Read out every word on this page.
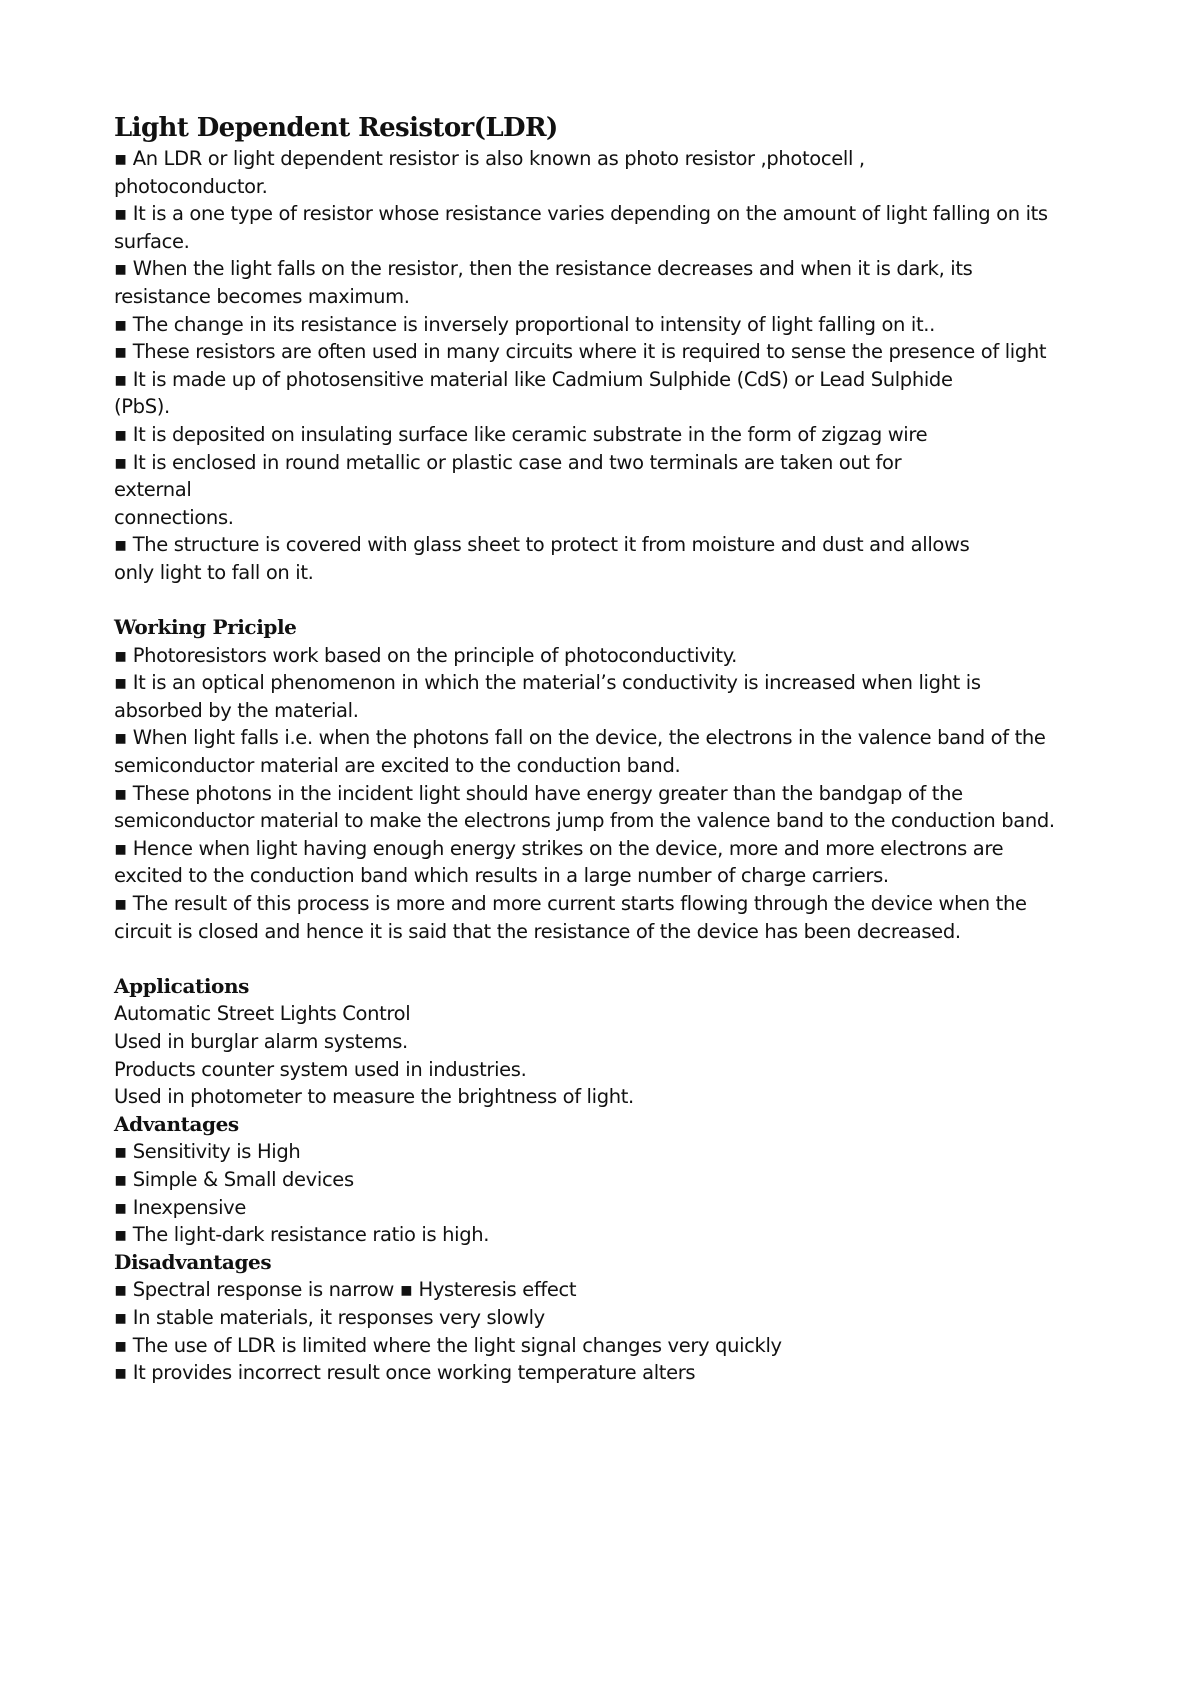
Light Dependent Resistor(LDR)
▪ An LDR or light dependent resistor is also known as photo resistor ,photocell ,
photoconductor.
▪ It is a one type of resistor whose resistance varies depending on the amount of light falling on its
surface.
▪ When the light falls on the resistor, then the resistance decreases and when it is dark, its
resistance becomes maximum.
▪ The change in its resistance is inversely proportional to intensity of light falling on it..
▪ These resistors are often used in many circuits where it is required to sense the presence of light
▪ It is made up of photosensitive material like Cadmium Sulphide (CdS) or Lead Sulphide
(PbS).
▪ It is deposited on insulating surface like ceramic substrate in the form of zigzag wire
▪ It is enclosed in round metallic or plastic case and two terminals are taken out for
external
connections.
▪ The structure is covered with glass sheet to protect it from moisture and dust and allows
only light to fall on it.
Working Priciple
▪ Photoresistors work based on the principle of photoconductivity.
▪ It is an optical phenomenon in which the material’s conductivity is increased when light is
absorbed by the material.
▪ When light falls i.e. when the photons fall on the device, the electrons in the valence band of the
semiconductor material are excited to the conduction band.
▪ These photons in the incident light should have energy greater than the bandgap of the
semiconductor material to make the electrons jump from the valence band to the conduction band.
▪ Hence when light having enough energy strikes on the device, more and more electrons are
excited to the conduction band which results in a large number of charge carriers.
▪ The result of this process is more and more current starts flowing through the device when the
circuit is closed and hence it is said that the resistance of the device has been decreased.
Applications
Automatic Street Lights Control
Used in burglar alarm systems.
Products counter system used in industries.
Used in photometer to measure the brightness of light.
Advantages
▪ Sensitivity is High
▪ Simple & Small devices
▪ Inexpensive
▪ The light-dark resistance ratio is high.
Disadvantages
▪ Spectral response is narrow ▪ Hysteresis effect
▪ In stable materials, it responses very slowly
▪ The use of LDR is limited where the light signal changes very quickly
▪ It provides incorrect result once working temperature alters
